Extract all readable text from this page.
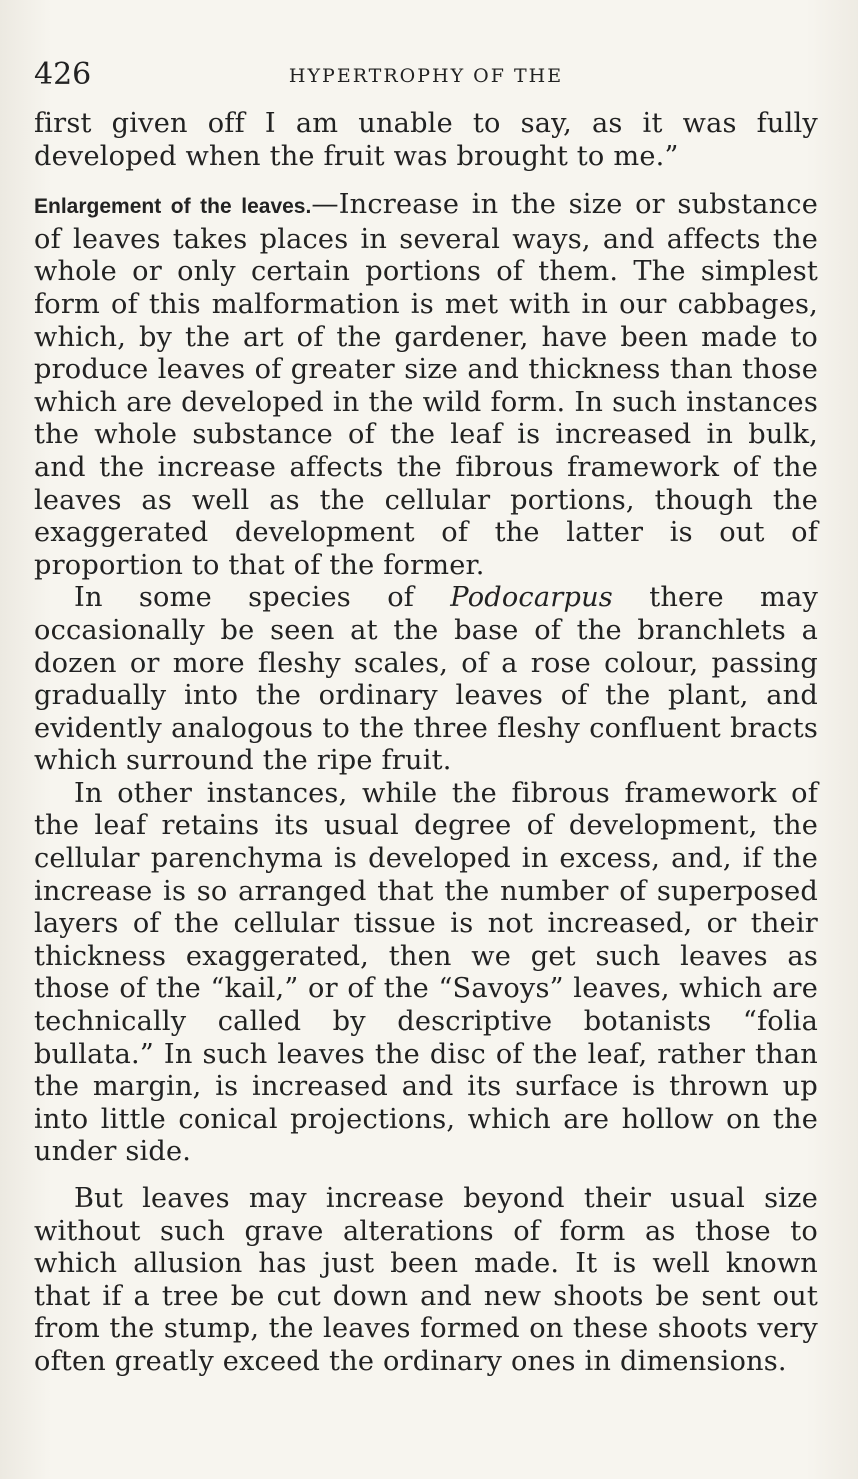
426	HYPERTROPHY OF THE

first given off I am unable to say, as it was fully developed when the fruit was brought to me.”

Enlargement of the leaves.—Increase in the size or substance of leaves takes places in several ways, and affects the whole or only certain portions of them. The simplest form of this malformation is met with in our cabbages, which, by the art of the gardener, have been made to produce leaves of greater size and thickness than those which are developed in the wild form. In such instances the whole substance of the leaf is increased in bulk, and the increase affects the fibrous framework of the leaves as well as the cellular portions, though the exaggerated development of the latter is out of proportion to that of the former.

In some species of Podocarpus there may occasionally be seen at the base of the branchlets a dozen or more fleshy scales, of a rose colour, passing gradually into the ordinary leaves of the plant, and evidently analogous to the three fleshy confluent bracts which surround the ripe fruit.

In other instances, while the fibrous framework of the leaf retains its usual degree of development, the cellular parenchyma is developed in excess, and, if the increase is so arranged that the number of superposed layers of the cellular tissue is not increased, or their thickness exaggerated, then we get such leaves as those of the “kail,” or of the “Savoys” leaves, which are technically called by descriptive botanists “folia bullata.” In such leaves the disc of the leaf, rather than the margin, is increased and its surface is thrown up into little conical projections, which are hollow on the under side.

But leaves may increase beyond their usual size without such grave alterations of form as those to which allusion has just been made. It is well known that if a tree be cut down and new shoots be sent out from the stump, the leaves formed on these shoots very often greatly exceed the ordinary ones in dimensions.
